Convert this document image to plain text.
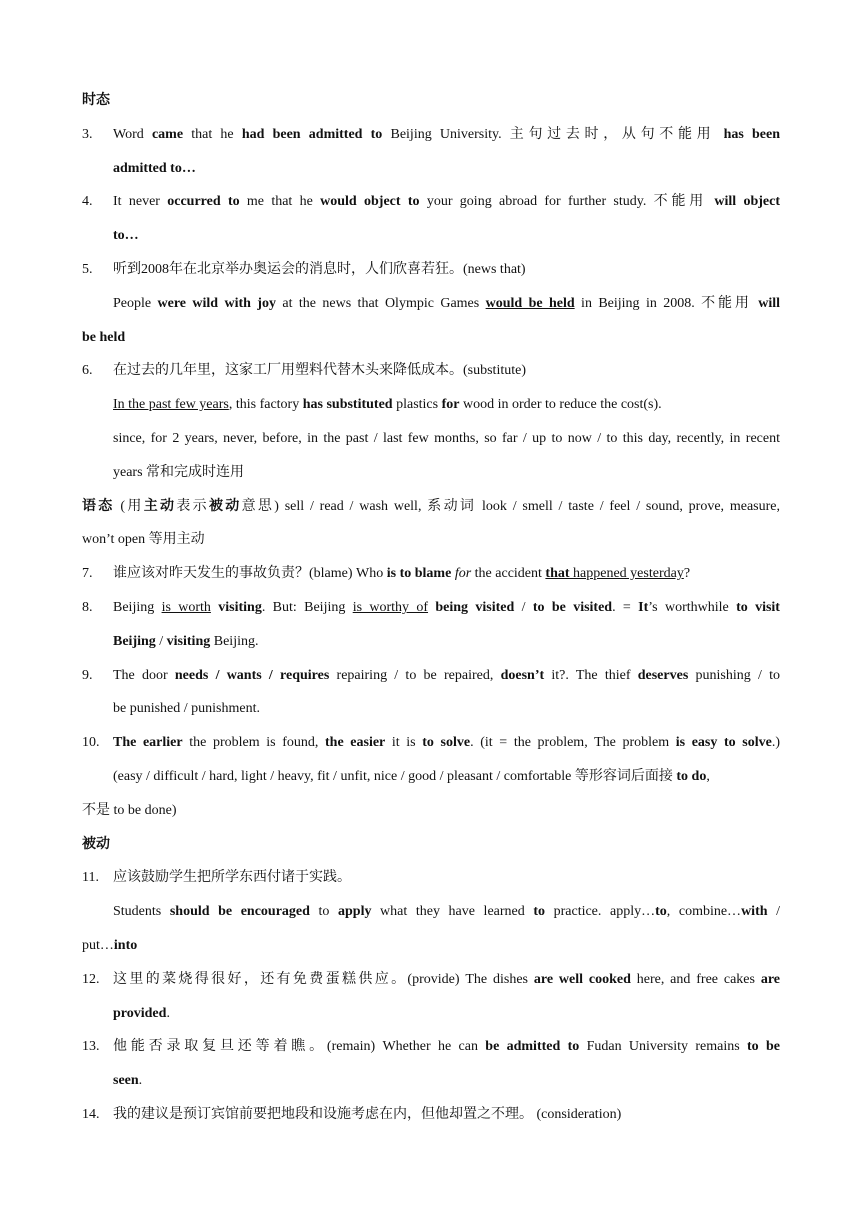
时态
3. Word came that he had been admitted to Beijing University. 主句过去时，从句不能用 has been
admitted to…
4. It never occurred to me that he would object to your going abroad for further study. 不能用 will object
to…
5. 听到2008年在北京举办奥运会的消息时，人们欣喜若狂。(news that)
People were wild with joy at the news that Olympic Games would be held in Beijing in 2008. 不能用 will
be held
6. 在过去的几年里，这家工厂用塑料代替木头来降低成本。(substitute)
In the past few years, this factory has substituted plastics for wood in order to reduce the cost(s).
since, for 2 years, never, before, in the past / last few months, so far / up to now / to this day, recently, in recent
years 常和完成时连用
语态 (用主动表示被动意思) sell / read / wash well, 系动词 look / smell / taste / feel / sound, prove, measure,
won’t open 等用主动
7. 谁应该对昨天发生的事故负责？(blame) Who is to blame for the accident that happened yesterday?
8. Beijing is worth visiting. But: Beijing is worthy of being visited / to be visited. = It’s worthwhile to visit
Beijing / visiting Beijing.
9. The door needs / wants / requires repairing / to be repaired, doesn’t it?. The thief deserves punishing / to
be punished / punishment.
10. The earlier the problem is found, the easier it is to solve. (it = the problem, The problem is easy to solve.)
(easy / difficult / hard, light / heavy, fit / unfit, nice / good / pleasant / comfortable 等形容词后面接 to do,
不是 to be done)
被动
11. 应该鼓励学生把所学东西付诸于实践。
Students should be encouraged to apply what they have learned to practice. apply…to, combine…with /
put…into
12. 这里的菜烧得很好，还有免费蛋糕供应。(provide) The dishes are well cooked here, and free cakes are
provided.
13. 他能否录取复旦还等着瞧。(remain) Whether he can be admitted to Fudan University remains to be
seen.
14. 我的建议是预订宾馆前要把地段和设施考虑在内，但他却置之不理。 (consideration)
